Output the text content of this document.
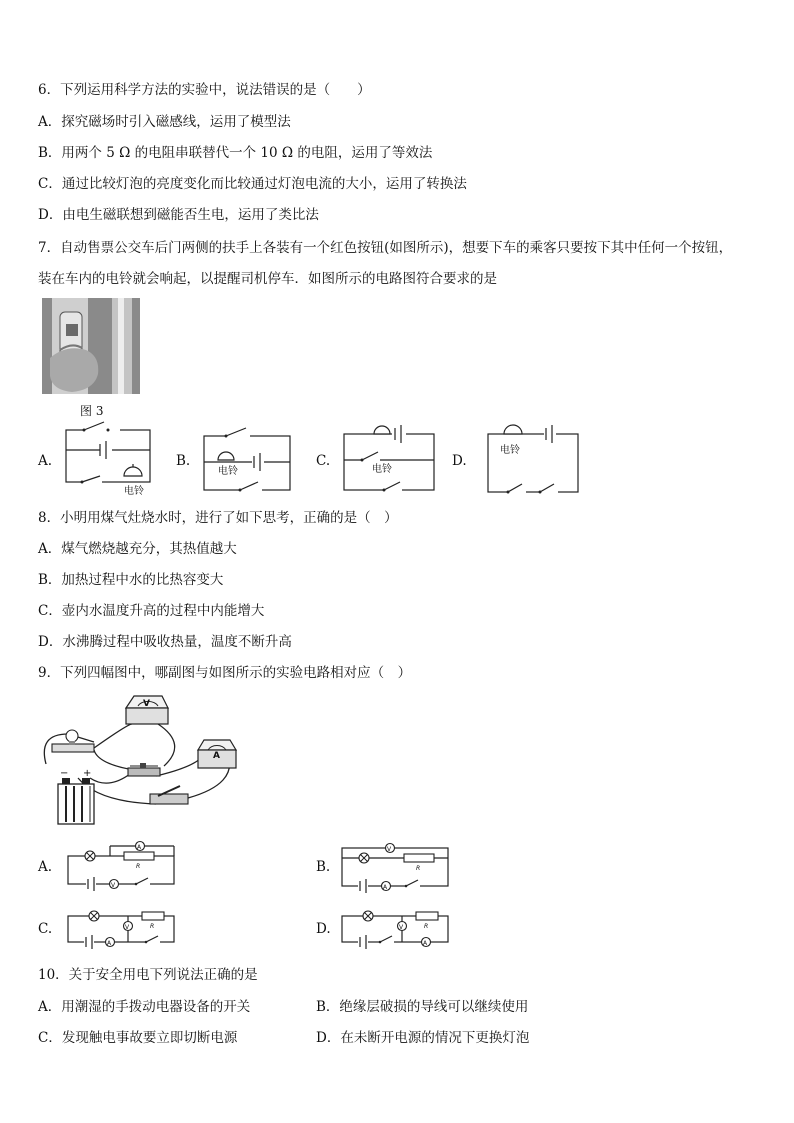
6．下列运用科学方法的实验中，说法错误的是（　　）
A．探究磁场时引入磁感线，运用了模型法
B．用两个 5 Ω 的电阻串联替代一个 10 Ω 的电阻，运用了等效法
C．通过比较灯泡的亮度变化而比较通过灯泡电流的大小，运用了转换法
D．由电生磁联想到磁能否生电，运用了类比法
7．自动售票公交车后门两侧的扶手上各装有一个红色按钮(如图所示)，想要下车的乘客只要按下其中任何一个按钮，
装在车内的电铃就会响起，以提醒司机停车．如图所示的电路图符合要求的是
图 3
A.
电铃
B.
电铃
C.
电铃
D.
电铃
8．小明用煤气灶烧水时，进行了如下思考，正确的是（　）
A．煤气燃烧越充分，其热值越大
B．加热过程中水的比热容变大
C．壶内水温度升高的过程中内能增大
D．水沸腾过程中吸收热量，温度不断升高
9．下列四幅图中，哪副图与如图所示的实验电路相对应（　）
V
A
− +
A.
A
R
V
B.
V
R
A
C.	V	R
A
D.	V	R
A
10．关于安全用电下列说法正确的是
A．用潮湿的手拨动电器设备的开关	B．绝缘层破损的导线可以继续使用
C．发现触电事故要立即切断电源	D．在未断开电源的情况下更换灯泡
